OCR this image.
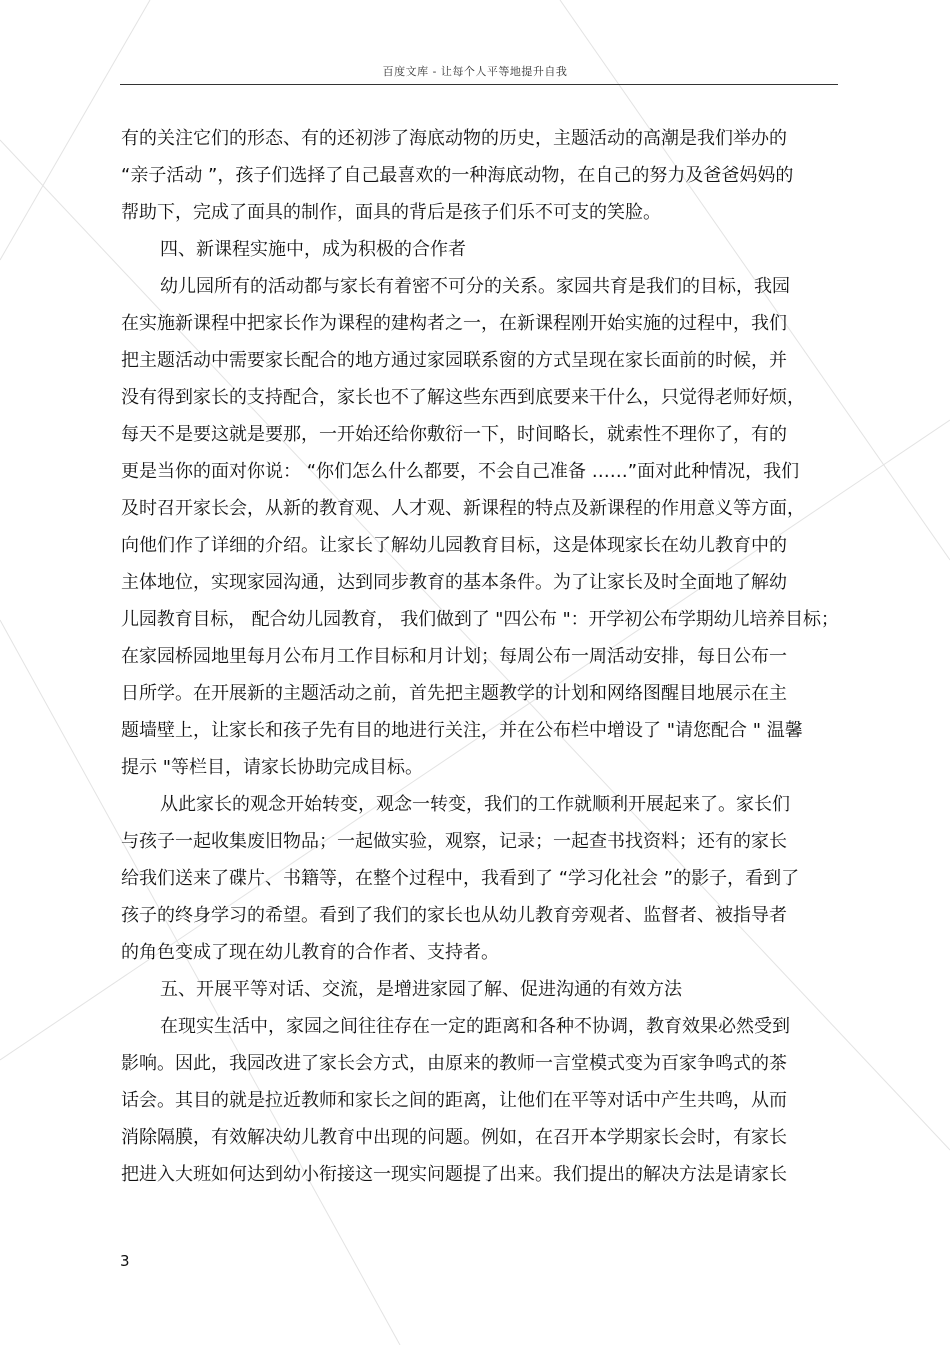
百度文库 - 让每个人平等地提升自我
有的关注它们的形态、有的还初涉了海底动物的历史，主题活动的高潮是我们举办的
“亲子活动 ”，孩子们选择了自己最喜欢的一种海底动物，在自己的努力及爸爸妈妈的
帮助下，完成了面具的制作，面具的背后是孩子们乐不可支的笑脸。
四、新课程实施中，成为积极的合作者
幼儿园所有的活动都与家长有着密不可分的关系。家园共育是我们的目标，我园
在实施新课程中把家长作为课程的建构者之一，在新课程刚开始实施的过程中，我们
把主题活动中需要家长配合的地方通过家园联系窗的方式呈现在家长面前的时候，并
没有得到家长的支持配合，家长也不了解这些东西到底要来干什么，只觉得老师好烦，
每天不是要这就是要那，一开始还给你敷衍一下，时间略长，就索性不理你了，有的
更是当你的面对你说： “你们怎么什么都要，不会自己准备 ……”面对此种情况，我们
及时召开家长会，从新的教育观、人才观、新课程的特点及新课程的作用意义等方面，
向他们作了详细的介绍。让家长了解幼儿园教育目标，这是体现家长在幼儿教育中的
主体地位，实现家园沟通，达到同步教育的基本条件。为了让家长及时全面地了解幼
儿园教育目标， 配合幼儿园教育， 我们做到了 "四公布 "：开学初公布学期幼儿培养目标；
在家园桥园地里每月公布月工作目标和月计划；每周公布一周活动安排，每日公布一
日所学。在开展新的主题活动之前，首先把主题教学的计划和网络图醒目地展示在主
题墙壁上，让家长和孩子先有目的地进行关注，并在公布栏中增设了 "请您配合 " 温馨
提示 "等栏目，请家长协助完成目标。
从此家长的观念开始转变，观念一转变，我们的工作就顺利开展起来了。家长们
与孩子一起收集废旧物品；一起做实验，观察，记录；一起查书找资料；还有的家长
给我们送来了碟片、书籍等，在整个过程中，我看到了 “学习化社会 ”的影子，看到了
孩子的终身学习的希望。看到了我们的家长也从幼儿教育旁观者、监督者、被指导者
的角色变成了现在幼儿教育的合作者、支持者。
五、开展平等对话、交流，是增进家园了解、促进沟通的有效方法
在现实生活中，家园之间往往存在一定的距离和各种不协调，教育效果必然受到
影响。因此，我园改进了家长会方式，由原来的教师一言堂模式变为百家争鸣式的茶
话会。其目的就是拉近教师和家长之间的距离，让他们在平等对话中产生共鸣，从而
消除隔膜，有效解决幼儿教育中出现的问题。例如，在召开本学期家长会时，有家长
把进入大班如何达到幼小衔接这一现实问题提了出来。我们提出的解决方法是请家长
3
